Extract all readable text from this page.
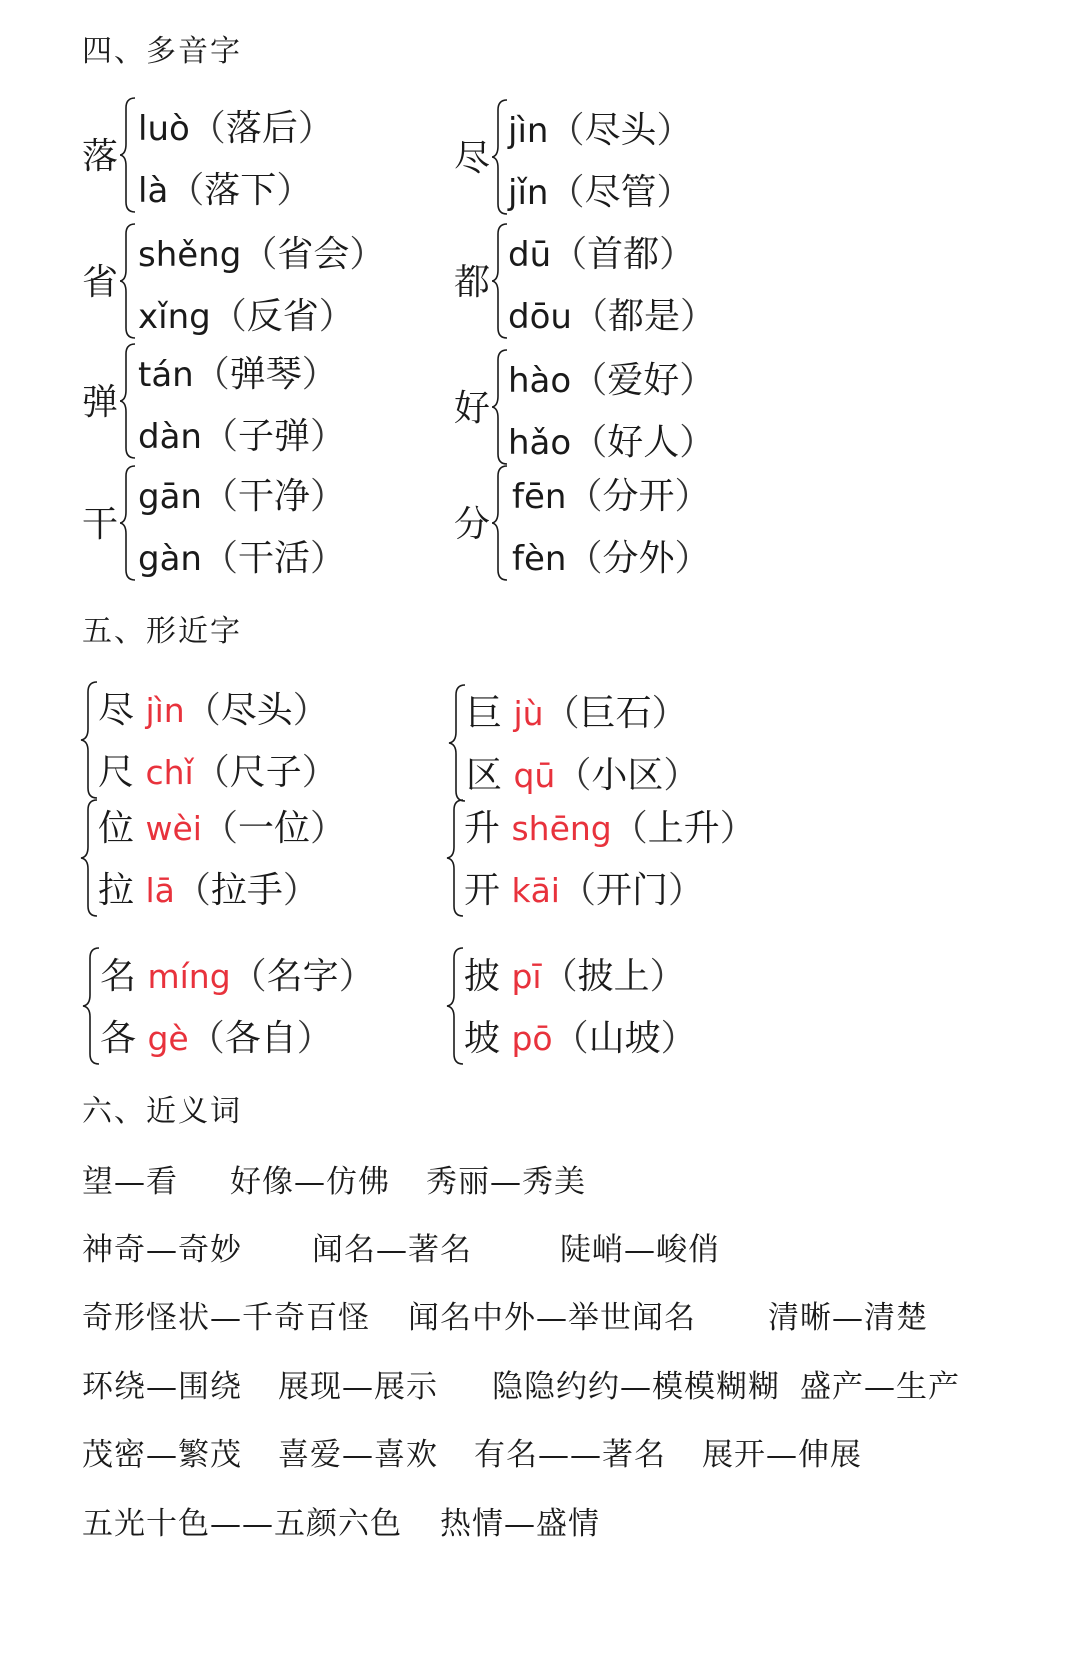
四、多音字
落
luò（落后）
là（落下）
尽
jìn（尽头）
jǐn（尽管）
省
shěng（省会）
xǐng（反省）
都
dū（首都）
dōu（都是）
弹
tán（弹琴）
dàn（子弹）
好
hào（爱好）
hǎo（好人）
干
gān（干净）
gàn（干活）
分
fēn（分开）
fèn（分外）
五、形近字
尽 jìn（尽头）
尺 chǐ（尺子）
巨 jù（巨石）
区 qū（小区）
位 wèi（一位）
拉 lā（拉手）
升 shēng（上升）
开 kāi（开门）
名 míng（名字）
各 gè（各自）
披 pī（披上）
坡 pō（山坡）
六、近义词
望—看 好像—仿佛 秀丽—秀美
神奇—奇妙 闻名—著名	陡峭—峻俏
奇形怪状—千奇百怪 闻名中外—举世闻名 清晰—清楚
环绕—围绕 展现—展示 隐隐约约—模模糊糊 盛产—生产
茂密—繁茂 喜爱—喜欢 有名——著名 展开—伸展
五光十色——五颜六色 热情—盛情
